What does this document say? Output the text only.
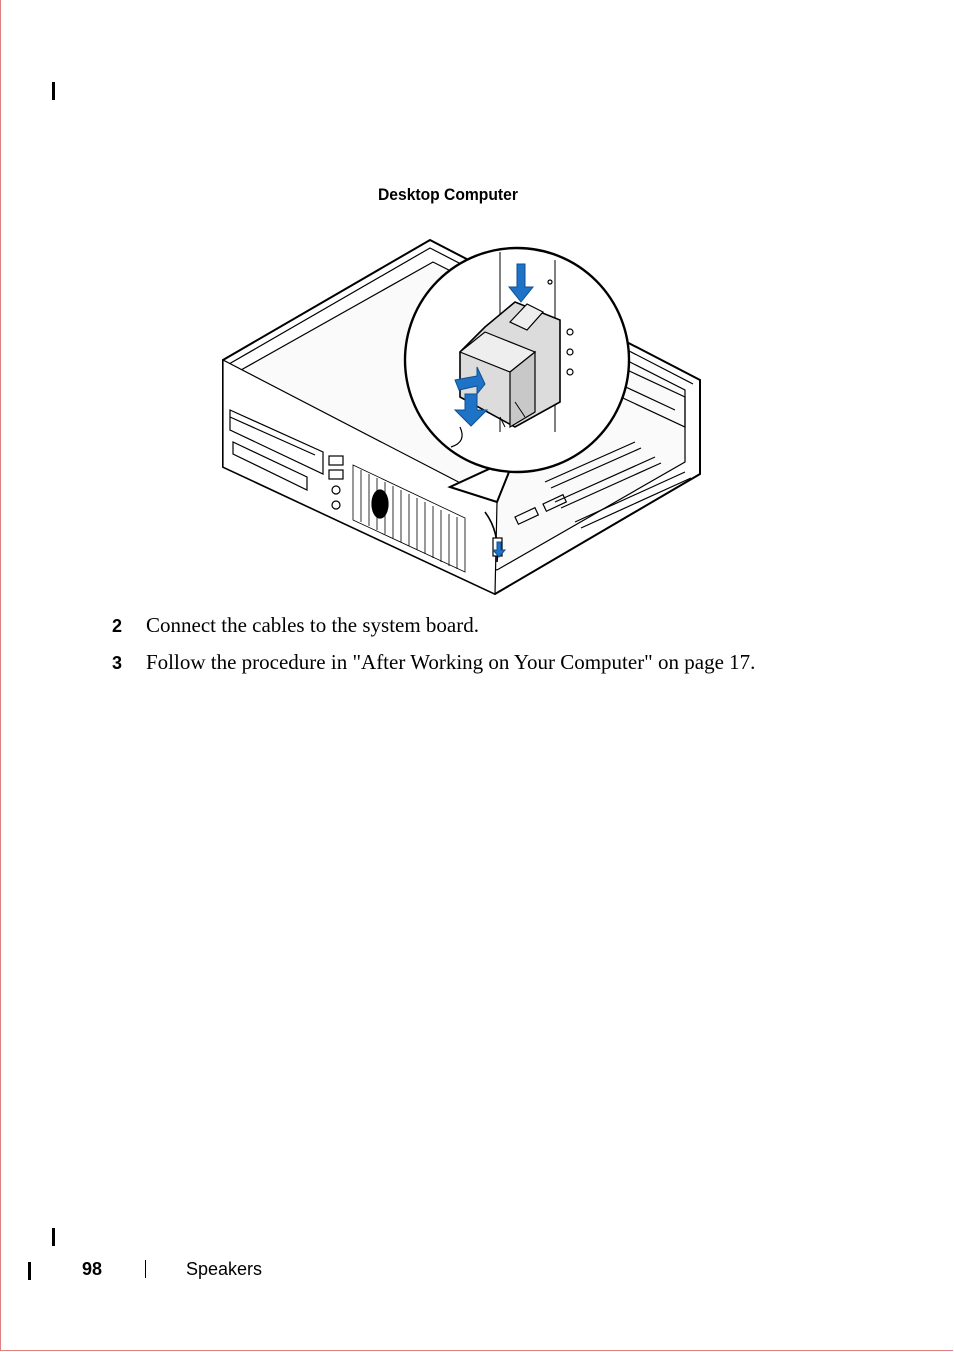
Desktop Computer
2 Connect the cables to the system board.
3 Follow the procedure in "After Working on Your Computer" on page 17.
98	Speakers
